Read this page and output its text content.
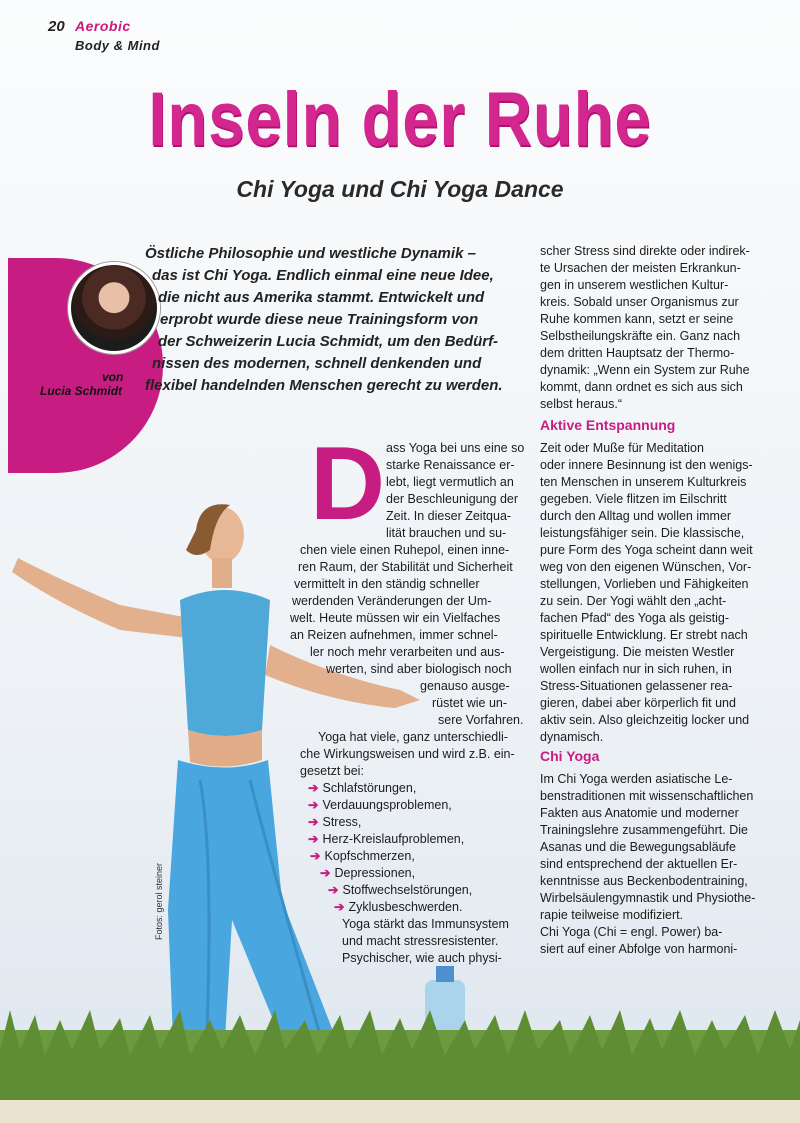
20 Aerobic
Body & Mind
Inseln der Ruhe
Chi Yoga und Chi Yoga Dance
von
Lucia Schmidt
Östliche Philosophie und westliche Dynamik –
das ist Chi Yoga. Endlich einmal eine neue Idee,
die nicht aus Amerika stammt. Entwickelt und
erprobt wurde diese neue Trainingsform von
der Schweizerin Lucia Schmidt, um den Bedürf-
nissen des modernen, schnell denkenden und
flexibel handelnden Menschen gerecht zu werden.
Fotos: gerol steiner
D ass Yoga bei uns eine so
starke Renaissance er-
lebt, liegt vermutlich an
der Beschleunigung der
Zeit. In dieser Zeitqua-
lität brauchen und su-
chen viele einen Ruhepol, einen inne-
ren Raum, der Stabilität und Sicherheit
vermittelt in den ständig schneller
werdenden Veränderungen der Um-
welt. Heute müssen wir ein Vielfaches
an Reizen aufnehmen, immer schnel-
ler noch mehr verarbeiten und aus-
werten, sind aber biologisch noch
genauso ausge-
rüstet wie un-
sere Vorfahren.
Yoga hat viele, ganz unterschiedli-
che Wirkungsweisen und wird z.B. ein-
gesetzt bei:
➔ Schlafstörungen,
➔ Verdauungsproblemen,
➔ Stress,
➔ Herz-Kreislaufproblemen,
➔ Kopfschmerzen,
➔ Depressionen,
➔ Stoffwechselstörungen,
➔ Zyklusbeschwerden.
Yoga stärkt das Immunsystem
und macht stressresistenter.
Psychischer, wie auch physi-
scher Stress sind direkte oder indirek-
te Ursachen der meisten Erkrankun-
gen in unserem westlichen Kultur-
kreis. Sobald unser Organismus zur
Ruhe kommen kann, setzt er seine
Selbstheilungskräfte ein. Ganz nach
dem dritten Hauptsatz der Thermo-
dynamik: „Wenn ein System zur Ruhe
kommt, dann ordnet es sich aus sich
selbst heraus.“
Aktive Entspannung
Zeit oder Muße für Meditation
oder innere Besinnung ist den wenigs-
ten Menschen in unserem Kulturkreis
gegeben. Viele flitzen im Eilschritt
durch den Alltag und wollen immer
leistungsfähiger sein. Die klassische,
pure Form des Yoga scheint dann weit
weg von den eigenen Wünschen, Vor-
stellungen, Vorlieben und Fähigkeiten
zu sein. Der Yogi wählt den „acht-
fachen Pfad“ des Yoga als geistig-
spirituelle Entwicklung. Er strebt nach
Vergeistigung. Die meisten Westler
wollen einfach nur in sich ruhen, in
Stress-Situationen gelassener rea-
gieren, dabei aber körperlich fit und
aktiv sein. Also gleichzeitig locker und
dynamisch.
Chi Yoga
Im Chi Yoga werden asiatische Le-
benstraditionen mit wissenschaftlichen
Fakten aus Anatomie und moderner
Trainingslehre zusammengeführt. Die
Asanas und die Bewegungsabläufe
sind entsprechend der aktuellen Er-
kenntnisse aus Beckenbodentraining,
Wirbelsäulengymnastik und Physiothe-
rapie teilweise modifiziert.
Chi Yoga (Chi = engl. Power) ba-
siert auf einer Abfolge von harmoni-
